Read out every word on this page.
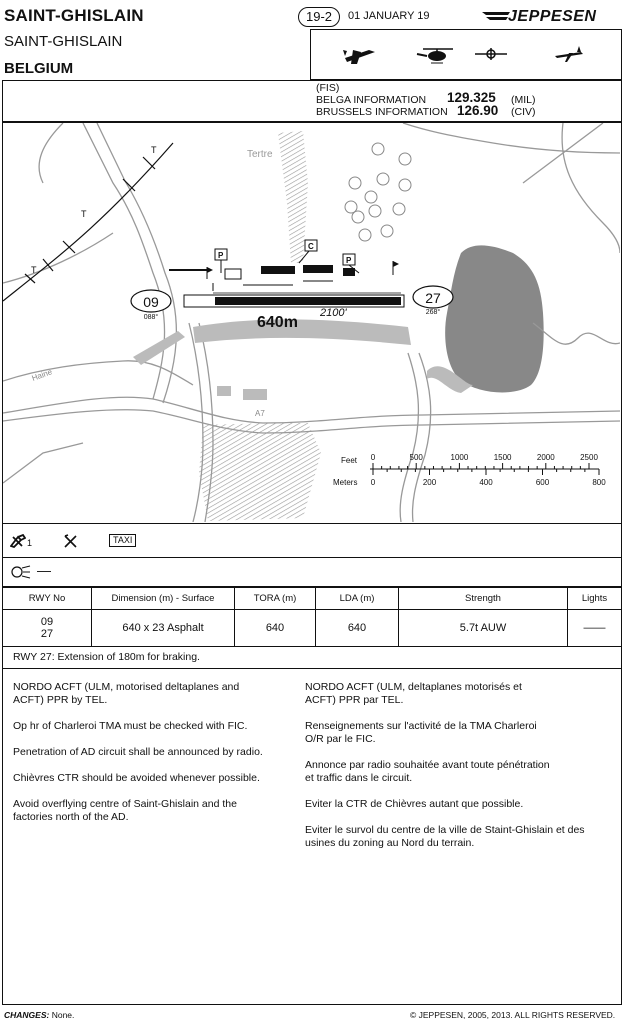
SAINT-GHISLAIN
SAINT-GHISLAIN
BELGIUM
19-2	01 JANUARY 19	JEPPESEN
(FIS)
BELGA INFORMATION 129.325 (MIL)
BRUSSELS INFORMATION 126.90 (CIV)
T
T
T
P
C
P
09
088°
27
268°
640m
2100'
Tertre
Haine
A7
Feet
Meters
0	500	1000	1500	2000	2500
0	200	400	600	800
1	TAXI
—
RWY No	Dimension (m) - Surface	TORA (m)	LDA (m)	Strength	Lights

09
27	640 x 23 Asphalt	640	640	5.7t AUW	——
RWY 27: Extension of 180m for braking.

NORDO ACFT (ULM, motorised deltaplanes and ACFT) PPR by TEL.

Op hr of Charleroi TMA must be checked with FIC.

Penetration of AD circuit shall be announced by radio.

Chièvres CTR should be avoided whenever possible.

Avoid overflying centre of Saint-Ghislain and the factories north of the AD.

NORDO ACFT (ULM, deltaplanes motorisés et ACFT) PPR par TEL.

Renseignements sur l'activité de la TMA Charleroi O/R par le FIC.

Annonce par radio souhaitée avant toute pénétration et traffic dans le circuit.

Eviter la CTR de Chièvres autant que possible.

Eviter le survol du centre de la ville de Staint-Ghislain et des usines du zoning au Nord du terrain.

CHANGES: None.	© JEPPESEN, 2005, 2013. ALL RIGHTS RESERVED.
